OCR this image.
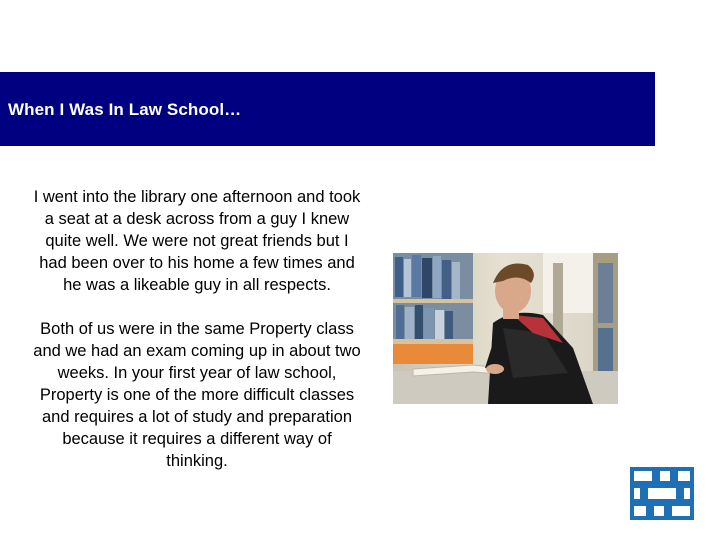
When I Was In Law School…

I went into the library one afternoon and took a seat at a desk across from a guy I knew quite well. We were not great friends but I had been over to his home a few times and he was a likeable guy in all respects.

Both of us were in the same Property class and we had an exam coming up in about two weeks. In your first year of law school, Property is one of the more difficult classes and requires a lot of study and preparation because it requires a different way of thinking.
